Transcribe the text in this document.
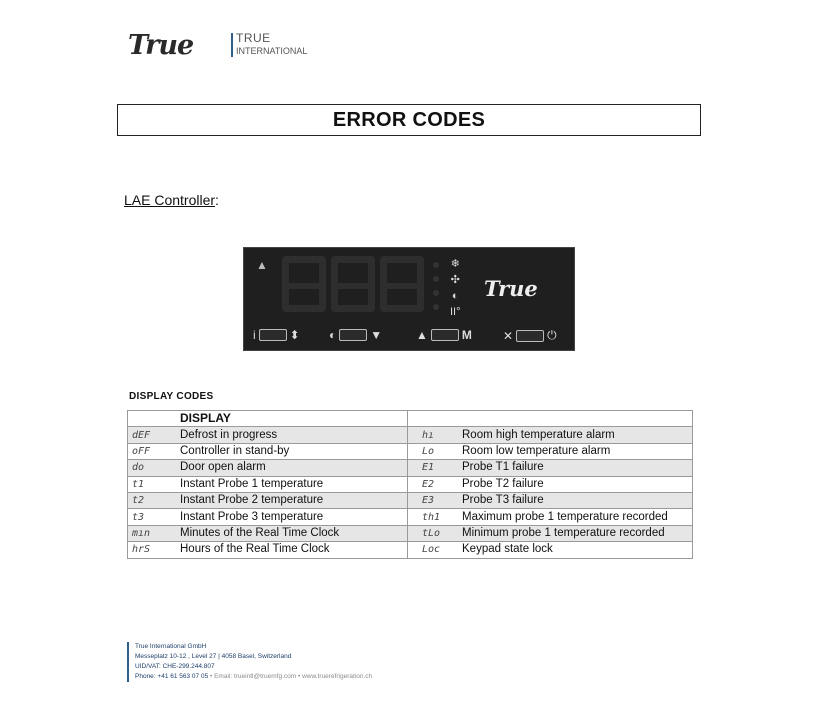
True	TRUE
INTERNATIONAL
ERROR CODES
LAE Controller:
▲	❄
✣
◐
II°
True
i	⬍ ◐	▼	▲	M	✕	⏻
DISPLAY CODES
	DISPLAY		
dEF	Defrost in progress	hı	Room high temperature alarm
oFF	Controller in stand-by	Lo	Room low temperature alarm
do	Door open alarm	E1	Probe T1 failure
t1	Instant Probe 1 temperature	E2	Probe T2 failure
t2	Instant Probe 2 temperature	E3	Probe T3 failure
t3	Instant Probe 3 temperature	th1	Maximum probe 1 temperature recorded
mın	Minutes of the Real Time Clock	tLo	Minimum probe 1 temperature recorded
hrS	Hours of the Real Time Clock	Loc	Keypad state lock
True International GmbH
Messeplatz 10-12 , Level 27 | 4058 Basel, Switzerland
UID/VAT: CHE-299.244.807
Phone: +41 61 563 07 05 • Email: trueintl@truemfg.com • www.truerefrigeration.ch
